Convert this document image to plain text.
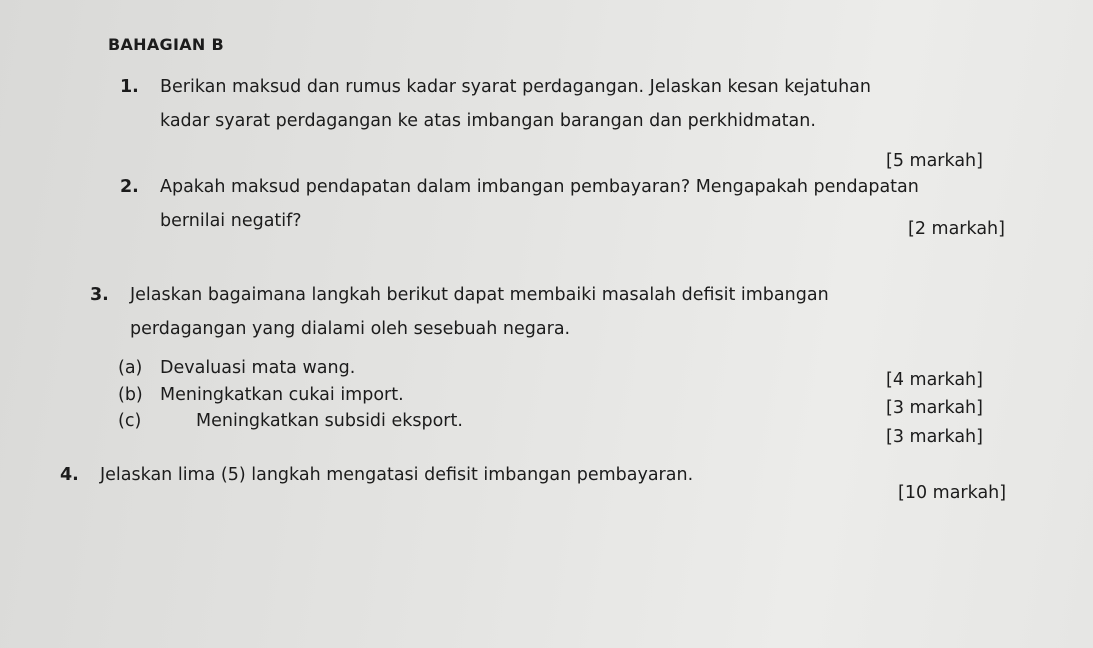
BAHAGIAN B
1. Berikan maksud dan rumus kadar syarat perdagangan. Jelaskan kesan kejatuhan
kadar syarat perdagangan ke atas imbangan barangan dan perkhidmatan.
[5 markah]
2. Apakah maksud pendapatan dalam imbangan pembayaran? Mengapakah pendapatan
bernilai negatif?	[2 markah]
3. Jelaskan bagaimana langkah berikut dapat membaiki masalah defisit imbangan
perdagangan yang dialami oleh sesebuah negara.
(a) Devaluasi mata wang.
[4 markah]
(b) Meningkatkan cukai import.
[3 markah]
(c)	Meningkatkan subsidi eksport.
[3 markah]
4. Jelaskan lima (5) langkah mengatasi defisit imbangan pembayaran.
[10 markah]
